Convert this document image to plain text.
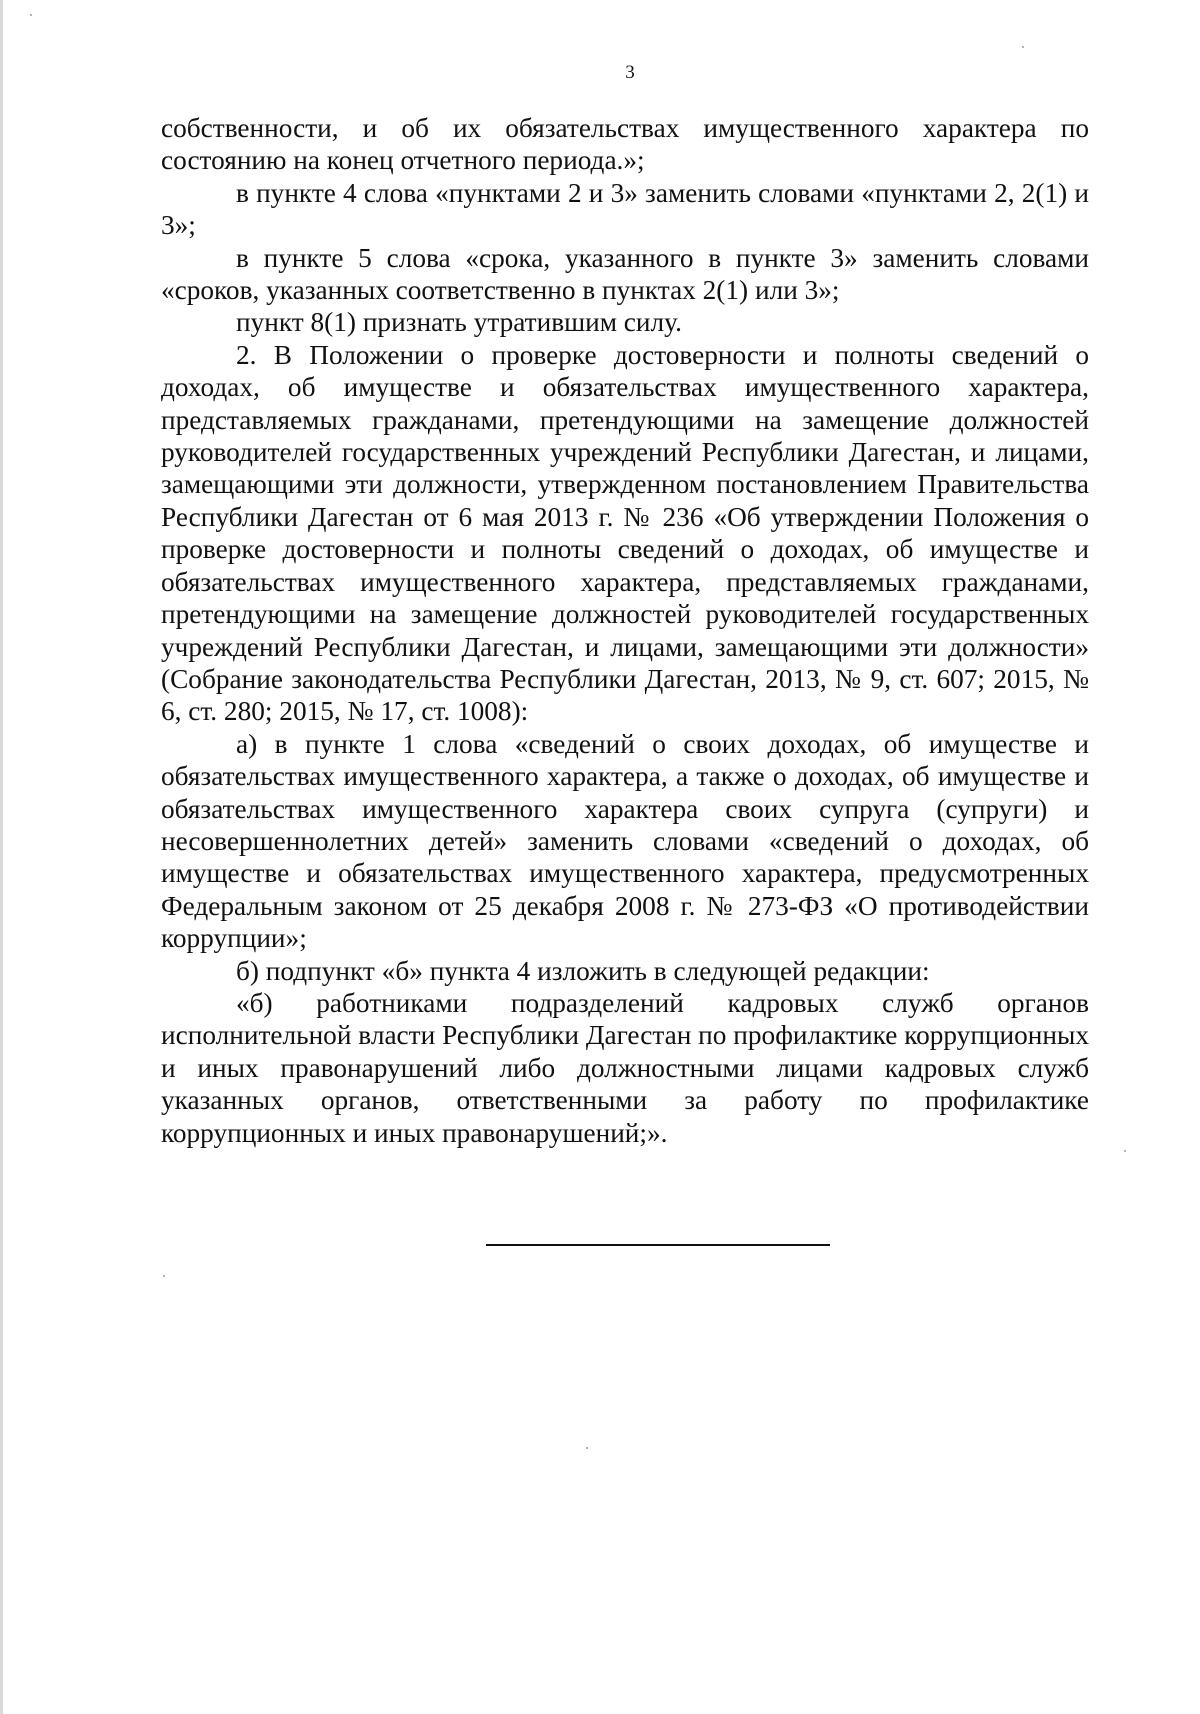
3

собственности, и об их обязательствах имущественного характера по состоянию на конец отчетного периода.»;

в пункте 4 слова «пунктами 2 и 3» заменить словами «пунктами 2, 2(1) и 3»;

в пункте 5 слова «срока, указанного в пункте 3» заменить словами «сроков, указанных соответственно в пунктах 2(1) или 3»;

пункт 8(1) признать утратившим силу.

2. В Положении о проверке достоверности и полноты сведений о доходах, об имуществе и обязательствах имущественного характера, представляемых гражданами, претендующими на замещение должностей руководителей государственных учреждений Республики Дагестан, и лицами, замещающими эти должности, утвержденном постановлением Правительства Республики Дагестан от 6 мая 2013 г. № 236 «Об утверждении Положения о проверке достоверности и полноты сведений о доходах, об имуществе и обязательствах имущественного характера, представляемых гражданами, претендующими на замещение должностей руководителей государственных учреждений Республики Дагестан, и лицами, замещающими эти должности» (Собрание законодательства Республики Дагестан, 2013, № 9, ст. 607; 2015, № 6, ст. 280; 2015, № 17, ст. 1008):

а) в пункте 1 слова «сведений о своих доходах, об имуществе и обязательствах имущественного характера, а также о доходах, об имуществе и обязательствах имущественного характера своих супруга (супруги) и несовершеннолетних детей» заменить словами «сведений о доходах, об имуществе и обязательствах имущественного характера, предусмотренных Федеральным законом от 25 декабря 2008 г. № 273-ФЗ «О противодействии коррупции»;

б) подпункт «б» пункта 4 изложить в следующей редакции:

«б) работниками подразделений кадровых служб органов исполнительной власти Республики Дагестан по профилактике коррупционных и иных правонарушений либо должностными лицами кадровых служб указанных органов, ответственными за работу по профилактике коррупционных и иных правонарушений;».
